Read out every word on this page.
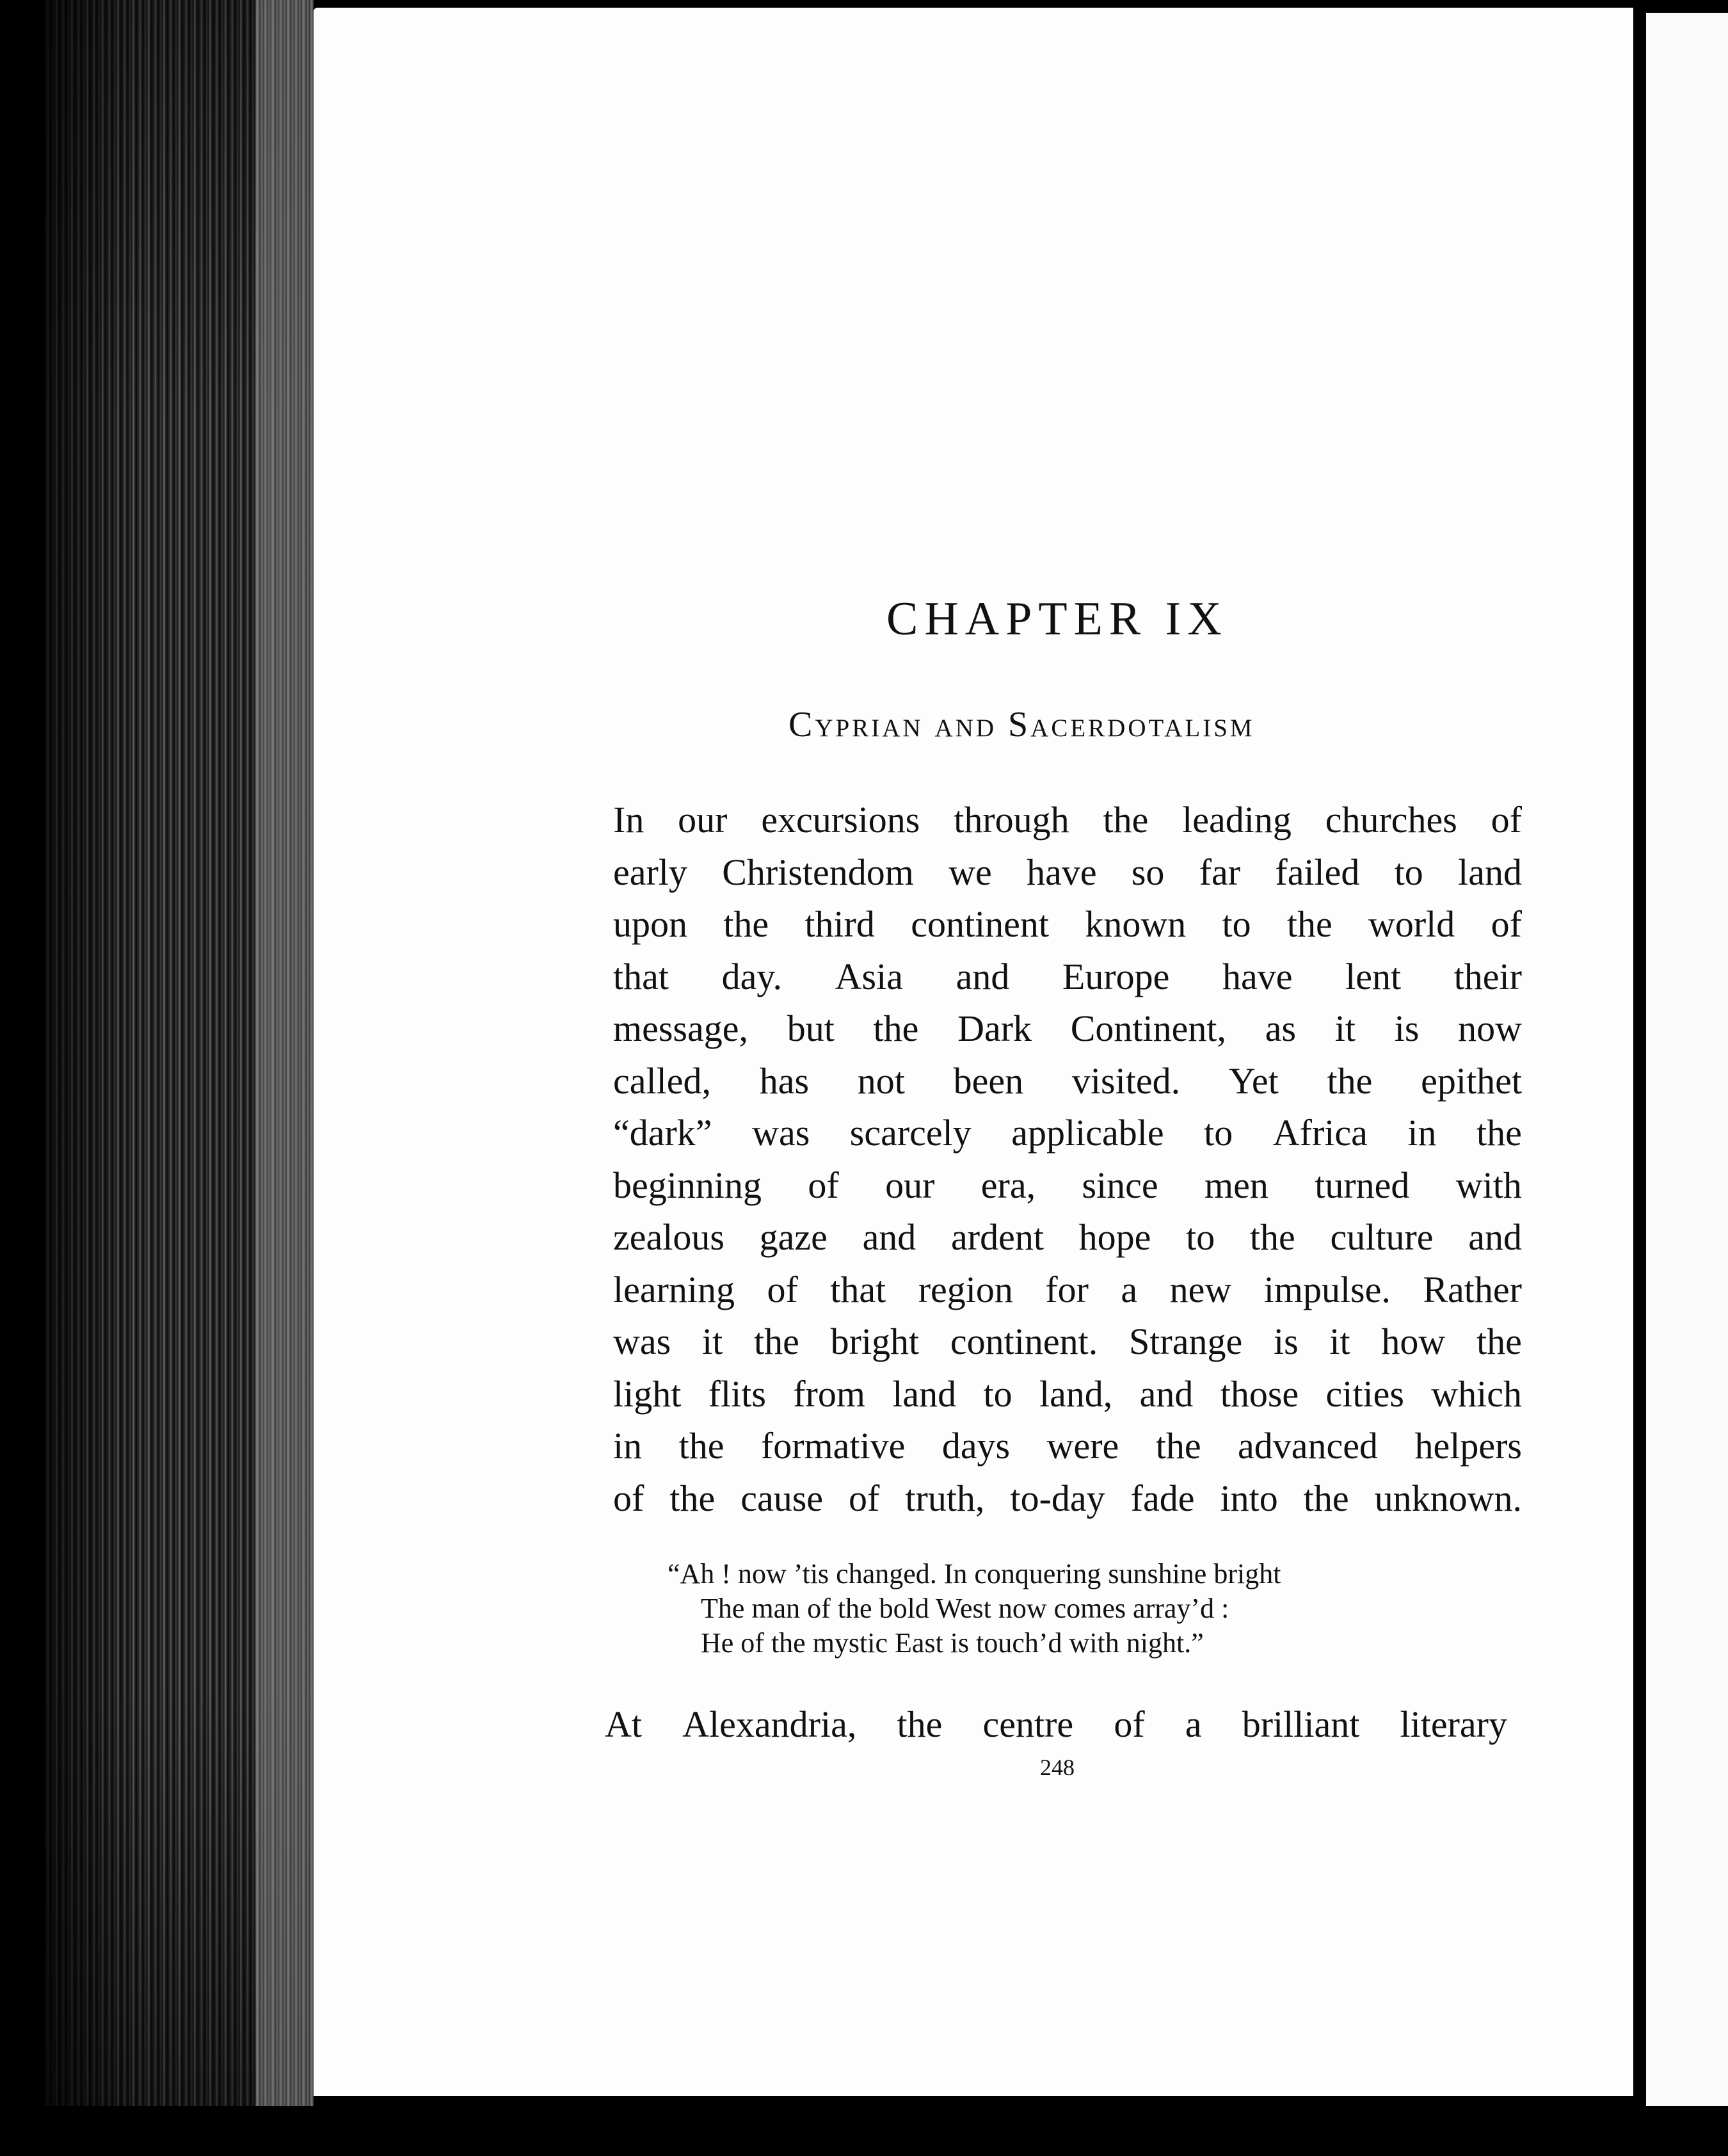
CHAPTER IX
Cyprian and Sacerdotalism
In our excursions through the leading churches of
early Christendom we have so far failed to land
upon the third continent known to the world of
that day. Asia and Europe have lent their
message, but the Dark Continent, as it is now
called, has not been visited. Yet the epithet
“dark” was scarcely applicable to Africa in the
beginning of our era, since men turned with
zealous gaze and ardent hope to the culture and
learning of that region for a new impulse. Rather
was it the bright continent. Strange is it how the
light flits from land to land, and those cities which
in the formative days were the advanced helpers
of the cause of truth, to-day fade into the unknown.
“Ah ! now ’tis changed. In conquering sunshine bright
The man of the bold West now comes array’d :
He of the mystic East is touch’d with night.”
At Alexandria, the centre of a brilliant literary
248
